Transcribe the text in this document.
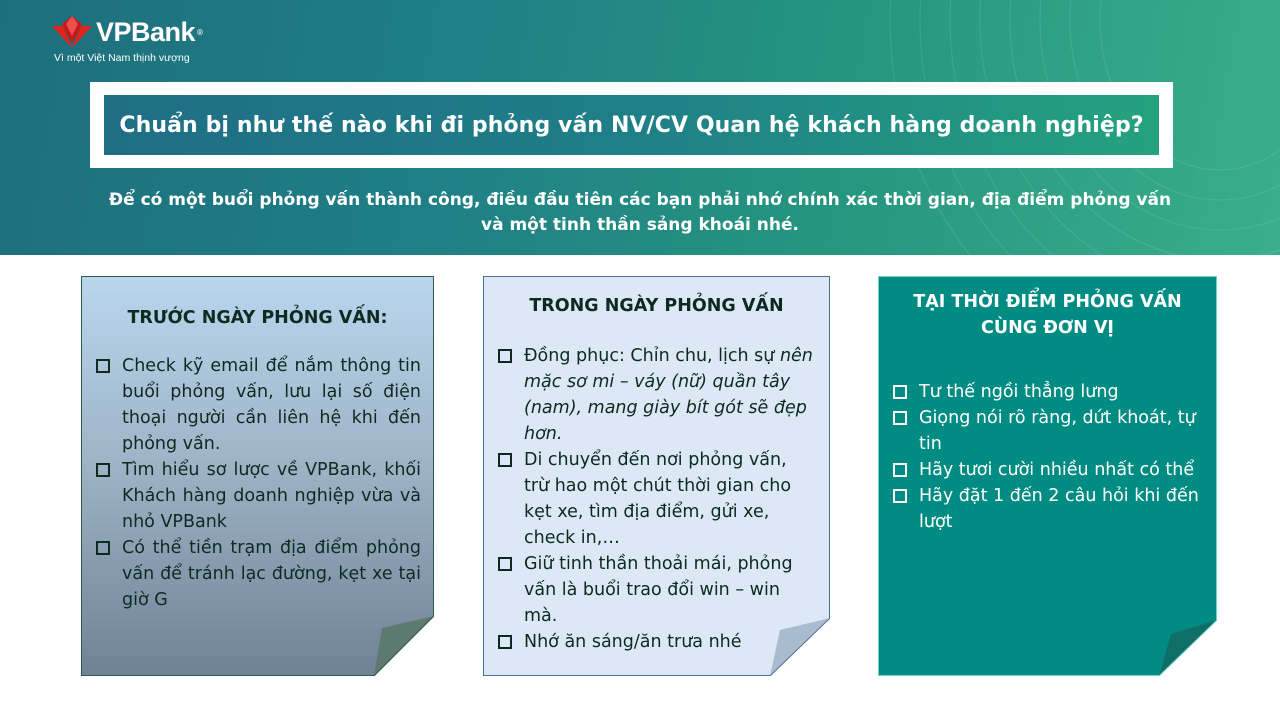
VPBank ®
Vì một Việt Nam thịnh vượng
Chuẩn bị như thế nào khi đi phỏng vấn NV/CV Quan hệ khách hàng doanh nghiệp?
Để có một buổi phỏng vấn thành công, điều đầu tiên các bạn phải nhớ chính xác thời gian, địa điểm phỏng vấn
và một tinh thần sảng khoái nhé.
TRƯỚC NGÀY PHỎNG VẤN:
Check kỹ email để nắm thông tin buổi phỏng vấn, lưu lại số điện thoại người cần liên hệ khi đến phỏng vấn.
Tìm hiểu sơ lược về VPBank, khối Khách hàng doanh nghiệp vừa và nhỏ VPBank
Có thể tiền trạm địa điểm phỏng vấn để tránh lạc đường, kẹt xe tại giờ G
TRONG NGÀY PHỎNG VẤN
Đồng phục: Chỉn chu, lịch sự nên mặc sơ mi – váy (nữ) quần tây (nam), mang giày bít gót sẽ đẹp hơn.
Di chuyển đến nơi phỏng vấn, trừ hao một chút thời gian cho kẹt xe, tìm địa điểm, gửi xe, check in,…
Giữ tinh thần thoải mái, phỏng vấn là buổi trao đổi win – win mà.
Nhớ ăn sáng/ăn trưa nhé
TẠI THỜI ĐIỂM PHỎNG VẤN
CÙNG ĐƠN VỊ
Tư thế ngồi thẳng lưng
Giọng nói rõ ràng, dứt khoát, tự tin
Hãy tươi cười nhiều nhất có thể
Hãy đặt 1 đến 2 câu hỏi khi đến lượt
